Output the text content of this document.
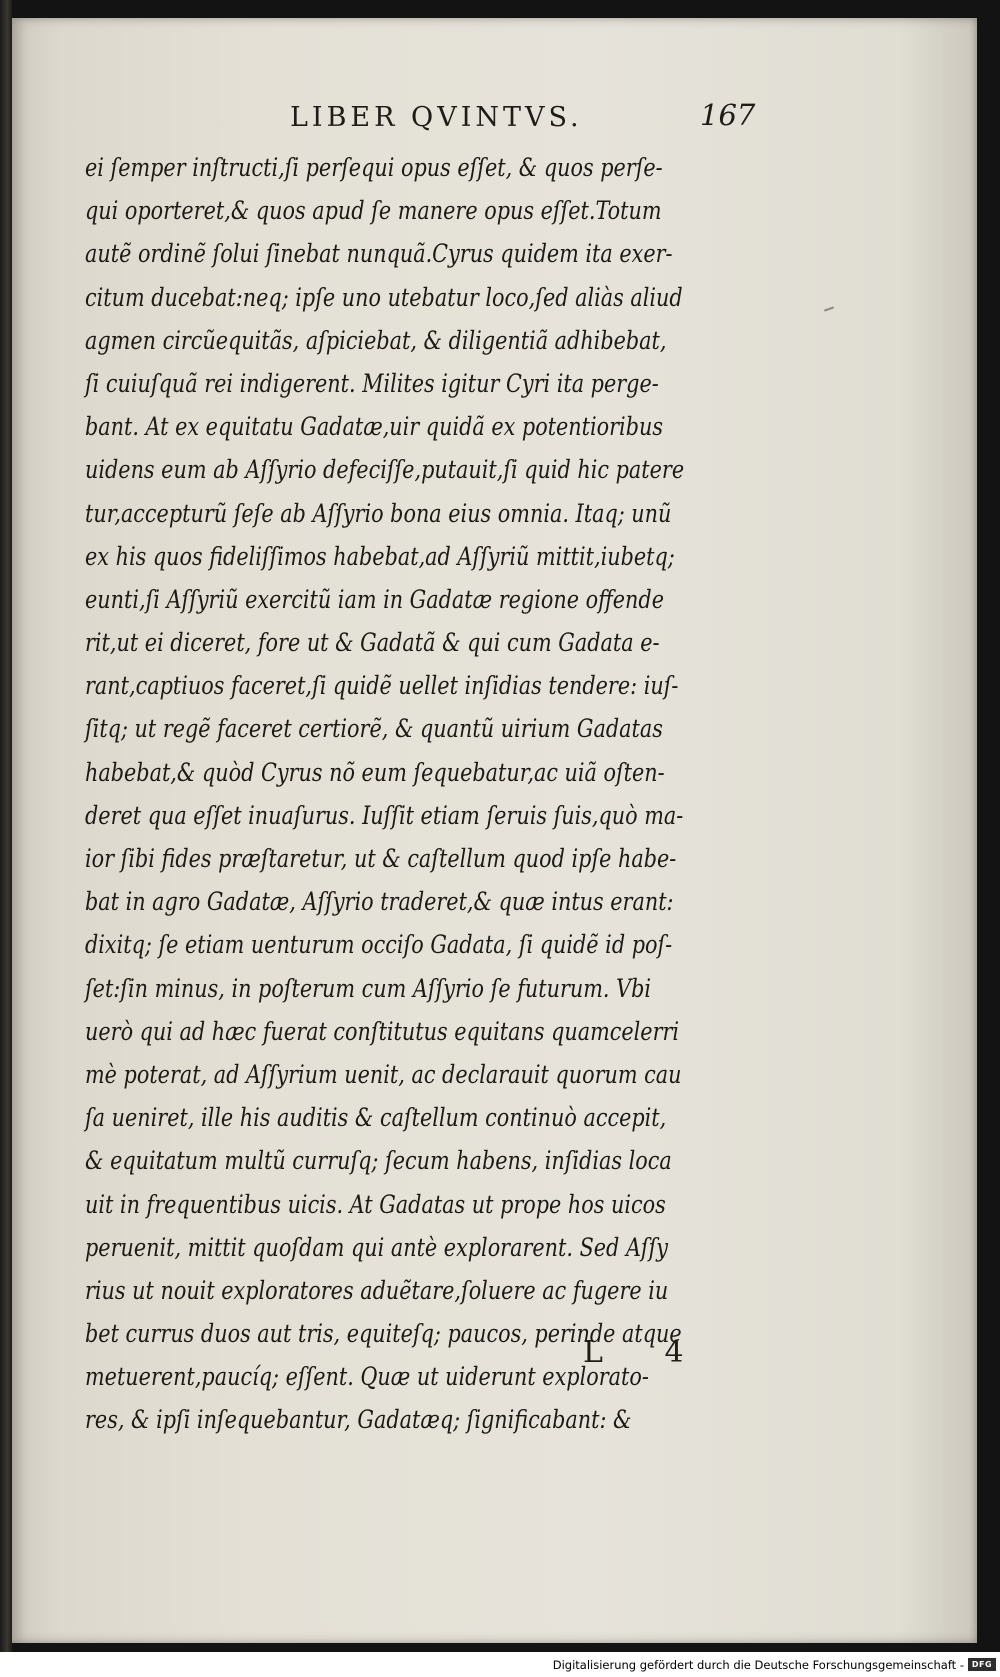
LIBER QVINTVS.	167
ei ſemper inſtructi,ſi perſequi opus eſſet, & quos perſe-
qui oporteret,& quos apud ſe manere opus eſſet.Totum
autẽ ordinẽ ſolui ſinebat nunquã.Cyrus quidem ita exer-
citum ducebat:neq; ipſe uno utebatur loco,ſed aliàs aliud
agmen circũequitãs, aſpiciebat, & diligentiã adhibebat,
ſi cuiuſquã rei indigerent. Milites igitur Cyri ita perge-
bant. At ex equitatu Gadatæ,uir quidã ex potentioribus
uidens eum ab Aſſyrio defeciſſe,putauit,ſi quid hic patere
tur,accepturũ ſeſe ab Aſſyrio bona eius omnia. Itaq; unũ
ex his quos fideliſſimos habebat,ad Aſſyriũ mittit,iubetq;
eunti,ſi Aſſyriũ exercitũ iam in Gadatæ regione offende
rit,ut ei diceret, fore ut & Gadatã & qui cum Gadata e-
rant,captiuos faceret,ſi quidẽ uellet inſidias tendere: iuſ-
ſitq; ut regẽ faceret certiorẽ, & quantũ uirium Gadatas
habebat,& quòd Cyrus nõ eum ſequebatur,ac uiã oſten-
deret qua eſſet inuaſurus. Iuſſit etiam ſeruis ſuis,quò ma-
ior ſibi fides præſtaretur, ut & caſtellum quod ipſe habe-
bat in agro Gadatæ, Aſſyrio traderet,& quæ intus erant:
dixitq; ſe etiam uenturum occiſo Gadata, ſi quidẽ id poſ-
ſet:ſin minus, in poſterum cum Aſſyrio ſe futurum. Vbi
uerò qui ad hæc fuerat conſtitutus equitans quamcelerri
mè poterat, ad Aſſyrium uenit, ac declarauit quorum cau
ſa ueniret, ille his auditis & caſtellum continuò accepit,
& equitatum multũ curruſq; ſecum habens, inſidias loca
uit in frequentibus uicis. At Gadatas ut prope hos uicos
peruenit, mittit quoſdam qui antè explorarent. Sed Aſſy
rius ut nouit exploratores aduẽtare,ſoluere ac fugere iu
bet currus duos aut tris, equiteſq; paucos, perinde atque
metuerent,paucíq; eſſent. Quæ ut uiderunt explorato-
res, & ipſi inſequebantur, Gadatæq; ſignificabant: &
L 4
Digitalisierung gefördert durch die Deutsche Forschungsgemeinschaft - DFG
